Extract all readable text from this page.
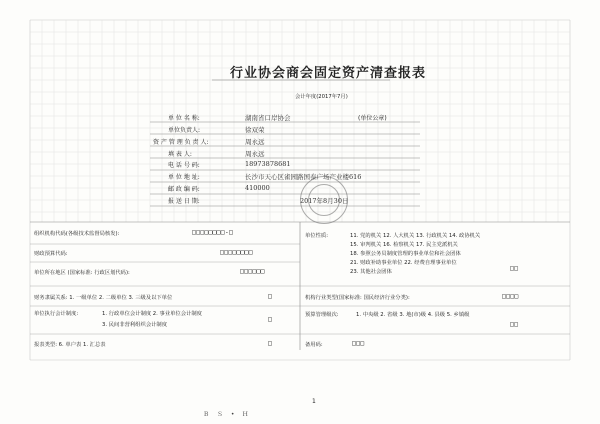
行业协会商会固定资产清查报表
会计年度(2017年7月)
单 位 名 称:	湖南省口岸协会
单位负责人:	徐双荣
资 产 管 理 负 责 人:	周永远
填 表 人:	周永远
电 话 号 码:	18973878681
单 位 地 址:	长沙市天心区雀园路国泰广场产业楼616
邮 政 编 码:	410000
报 送 日 期:	2017年8月30日
(单位公章)
组织机构代码(各级技术监督局核发):	□□□□□□□□-□
财政预算代码:	□□□□□□□□
单位所在地区 (国家标准: 行政区划代码):	□□□□□□
财务隶属关系: 1. 一级单位 2. 二级单位 3. 三级及以下单位	□
单位执行会计制度:	1. 行政单位会计制度 2. 事业单位会计制度
3. 民间非营利组织会计制度
□
报表类型: 6. 单户表 1. 汇总表	□
单位性质:	11. 党的机关 12. 人大机关 13. 行政机关 14. 政协机关
15. 审判机关 16. 检察机关 17. 民主党派机关
18. 参照公务员制度管理的事业单位和社会团体
21. 财政补助事业单位 22. 经费自理事业单位
23. 其他社会团体	□□
机构行业类型(国家标准: 国民经济行业分类):	□□□□
预算管理级次:	1. 中央级 2. 省级 3. 地(市)级 4. 县级 5. 乡镇级
□□
备用码:	□□□
1
Ｂ Ｓ • Ｈ
